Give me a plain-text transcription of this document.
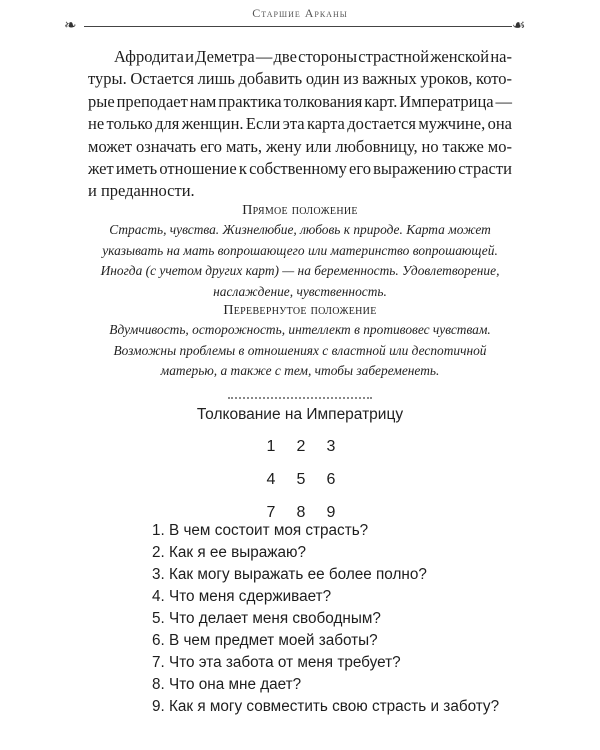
Старшие Арканы
❧	☙
Афродита и Деметра — две стороны страстной женской на-
туры. Остается лишь добавить один из важных уроков, кото-
рые преподает нам практика толкования карт. Императрица —
не только для женщин. Если эта карта достается мужчине, она
может означать его мать, жену или любовницу, но также мо-
жет иметь отношение к собственному его выражению страсти
и преданности.
Прямое положение
Страсть, чувства. Жизнелюбие, любовь к природе. Карта может
указывать на мать вопрошающего или материнство вопрошающей.
Иногда (с учетом других карт) — на беременность. Удовлетворение,
наслаждение, чувственность.
Перевернутое положение
Вдумчивость, осторожность, интеллект в противовес чувствам.
Возможны проблемы в отношениях с властной или деспотичной
матерью, а также с тем, чтобы забеременеть.
Толкование на Императрицу
1	2	3
4	5	6
7	8	9
1. В чем состоит моя страсть?
2. Как я ее выражаю?
3. Как могу выражать ее более полно?
4. Что меня сдерживает?
5. Что делает меня свободным?
6. В чем предмет моей заботы?
7. Что эта забота от меня требует?
8. Что она мне дает?
9. Как я могу совместить свою страсть и заботу?
